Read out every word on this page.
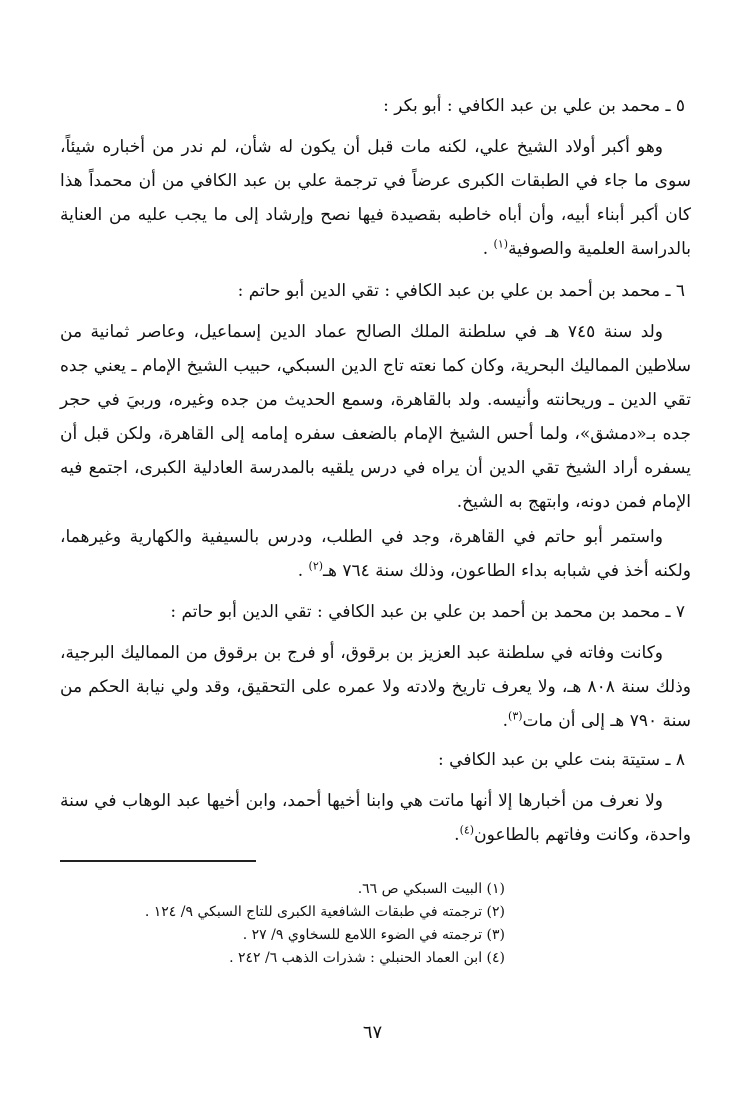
٥ ـ محمد بن علي بن عبد الكافي : أبو بكر :
وهو أكبر أولاد الشيخ علي، لكنه مات قبل أن يكون له شأن، لم ندر من أخباره شيئاً، سوى ما جاء في الطبقات الكبرى عرضاً في ترجمة علي بن عبد الكافي من أن محمداً هذا كان أكبر أبناء أبيه، وأن أباه خاطبه بقصيدة فيها نصح وإرشاد إلى ما يجب عليه من العناية بالدراسة العلمية والصوفية$^{(١)}$ .
٦ ـ محمد بن أحمد بن علي بن عبد الكافي : تقي الدين أبو حاتم :
ولد سنة ٧٤٥ هـ في سلطنة الملك الصالح عماد الدين إسماعيل، وعاصر ثمانية من سلاطين المماليك البحرية، وكان كما نعته تاج الدين السبكي، حبيب الشيخ الإمام ـ يعني جده تقي الدين ـ وريحانته وأنيسه. ولد بالقاهرة، وسمع الحديث من جده وغيره، وربيَ في حجر جده بـ«دمشق»، ولما أحس الشيخ الإمام بالضعف سفره إمامه إلى القاهرة، ولكن قبل أن يسفره أراد الشيخ تقي الدين أن يراه في درس يلقيه بالمدرسة العادلية الكبرى، اجتمع فيه الإمام فمن دونه، وابتهج به الشيخ.
واستمر أبو حاتم في القاهرة، وجد في الطلب، ودرس بالسيفية والكهارية وغيرهما، ولكنه أخذ في شبابه بداء الطاعون، وذلك سنة ٧٦٤ هـ$^{(٢)}$ .
٧ ـ محمد بن محمد بن أحمد بن علي بن عبد الكافي : تقي الدين أبو حاتم :
وكانت وفاته في سلطنة عبد العزيز بن برقوق، أو فرج بن برقوق من المماليك البرجية، وذلك سنة ٨٠٨ هـ، ولا يعرف تاريخ ولادته ولا عمره على التحقيق، وقد ولي نيابة الحكم من سنة ٧٩٠ هـ إلى أن مات$^{(٣)}$.
٨ ـ ستيتة بنت علي بن عبد الكافي :
ولا نعرف من أخبارها إلا أنها ماتت هي وابنا أخيها أحمد، وابن أخيها عبد الوهاب في سنة واحدة، وكانت وفاتهم بالطاعون$^{(٤)}$.
(١) البيت السبكي ص ٦٦.
(٢) ترجمته في طبقات الشافعية الكبرى للتاج السبكي ٩/ ١٢٤ .
(٣) ترجمته في الضوء اللامع للسخاوي ٩/ ٢٧ .
(٤) ابن العماد الحنبلي : شذرات الذهب ٦/ ٢٤٢ .
٦٧
